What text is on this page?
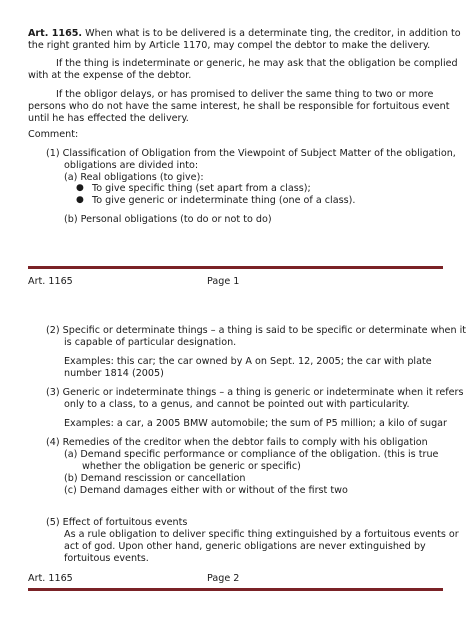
Art. 1165. When what is to be delivered is a determinate ting, the creditor, in addition to

the right granted him by Article 1170, may compel the debtor to make the delivery.

If the thing is indeterminate or generic, he may ask that the obligation be complied

with at the expense of the debtor.

If the obligor delays, or has promised to deliver the same thing to two or more

persons who do not have the same interest, he shall be responsible for fortuitous event

until he has effected the delivery.

Comment:

(1) Classification of Obligation from the Viewpoint of Subject Matter of the obligation,

obligations are divided into:

(a) Real obligations (to give):

● To give specific thing (set apart from a class);

● To give generic or indeterminate thing (one of a class).

(b) Personal obligations (to do or not to do)

Art. 1165	Page 1

(2) Specific or determinate things – a thing is said to be specific or determinate when it

is capable of particular designation.

Examples: this car; the car owned by A on Sept. 12, 2005; the car with plate

number 1814 (2005)

(3) Generic or indeterminate things – a thing is generic or indeterminate when it refers

only to a class, to a genus, and cannot be pointed out with particularity.

Examples: a car, a 2005 BMW automobile; the sum of P5 million; a kilo of sugar

(4) Remedies of the creditor when the debtor fails to comply with his obligation

(a) Demand specific performance or compliance of the obligation. (this is true

whether the obligation be generic or specific)

(b) Demand rescission or cancellation

(c) Demand damages either with or without of the first two

(5) Effect of fortuitous events

As a rule obligation to deliver specific thing extinguished by a fortuitous events or

act of god. Upon other hand, generic obligations are never extinguished by

fortuitous events.

Art. 1165	Page 2
